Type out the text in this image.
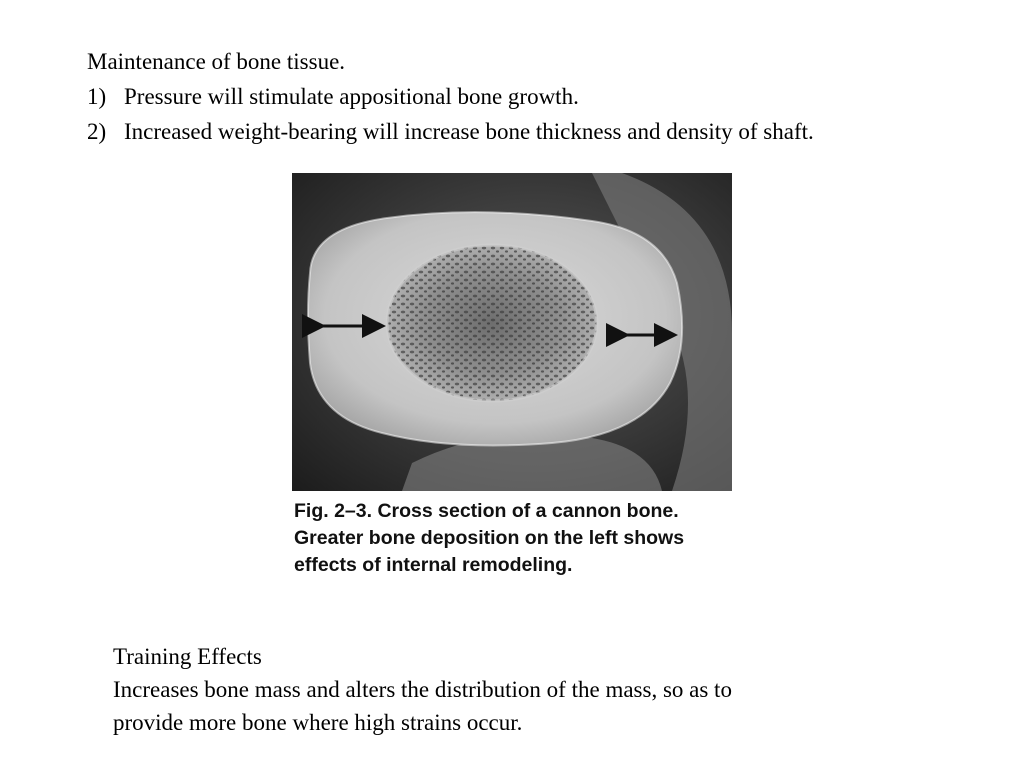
Maintenance of bone tissue.
1) Pressure will stimulate appositional bone growth.
2) Increased weight-bearing will increase bone thickness and density of shaft.
Fig. 2–3. Cross section of a cannon bone.
Greater bone deposition on the left shows
effects of internal remodeling.
Training Effects
Increases bone mass and alters the distribution of the mass, so as to
provide more bone where high strains occur.
